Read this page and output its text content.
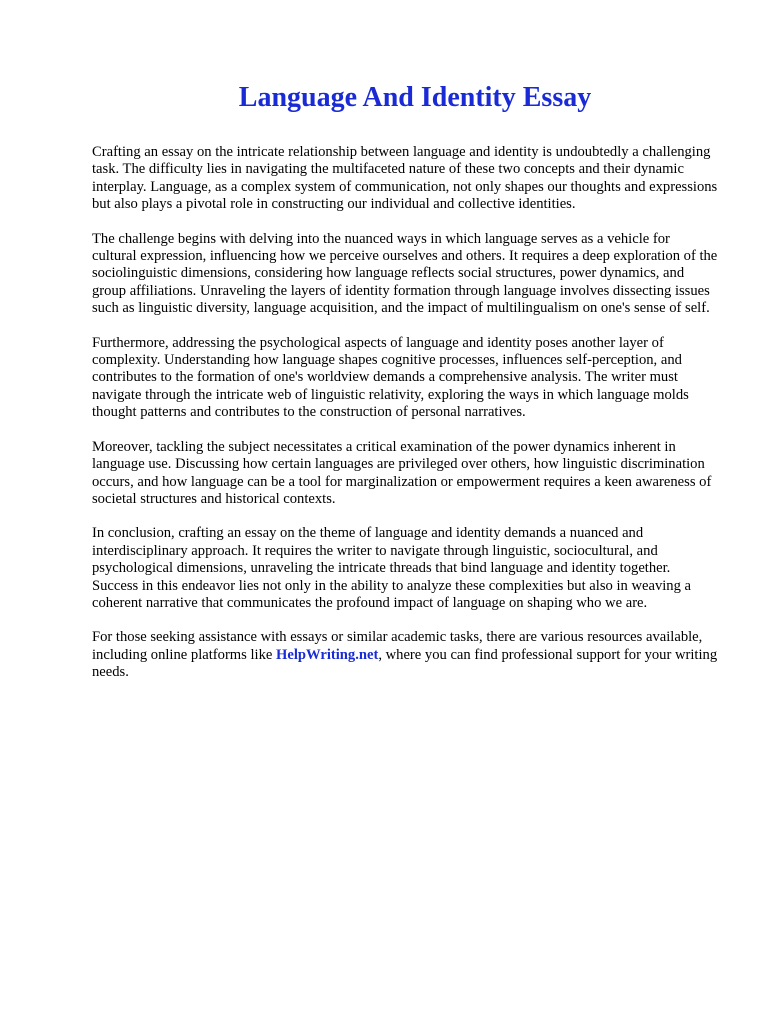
Language And Identity Essay

Crafting an essay on the intricate relationship between language and identity is undoubtedly a challenging task. The difficulty lies in navigating the multifaceted nature of these two concepts and their dynamic interplay. Language, as a complex system of communication, not only shapes our thoughts and expressions but also plays a pivotal role in constructing our individual and collective identities.

The challenge begins with delving into the nuanced ways in which language serves as a vehicle for cultural expression, influencing how we perceive ourselves and others. It requires a deep exploration of the sociolinguistic dimensions, considering how language reflects social structures, power dynamics, and group affiliations. Unraveling the layers of identity formation through language involves dissecting issues such as linguistic diversity, language acquisition, and the impact of multilingualism on one's sense of self.

Furthermore, addressing the psychological aspects of language and identity poses another layer of complexity. Understanding how language shapes cognitive processes, influences self-perception, and contributes to the formation of one's worldview demands a comprehensive analysis. The writer must navigate through the intricate web of linguistic relativity, exploring the ways in which language molds thought patterns and contributes to the construction of personal narratives.

Moreover, tackling the subject necessitates a critical examination of the power dynamics inherent in language use. Discussing how certain languages are privileged over others, how linguistic discrimination occurs, and how language can be a tool for marginalization or empowerment requires a keen awareness of societal structures and historical contexts.

In conclusion, crafting an essay on the theme of language and identity demands a nuanced and interdisciplinary approach. It requires the writer to navigate through linguistic, sociocultural, and psychological dimensions, unraveling the intricate threads that bind language and identity together. Success in this endeavor lies not only in the ability to analyze these complexities but also in weaving a coherent narrative that communicates the profound impact of language on shaping who we are.

For those seeking assistance with essays or similar academic tasks, there are various resources available, including online platforms like HelpWriting.net, where you can find professional support for your writing needs.
